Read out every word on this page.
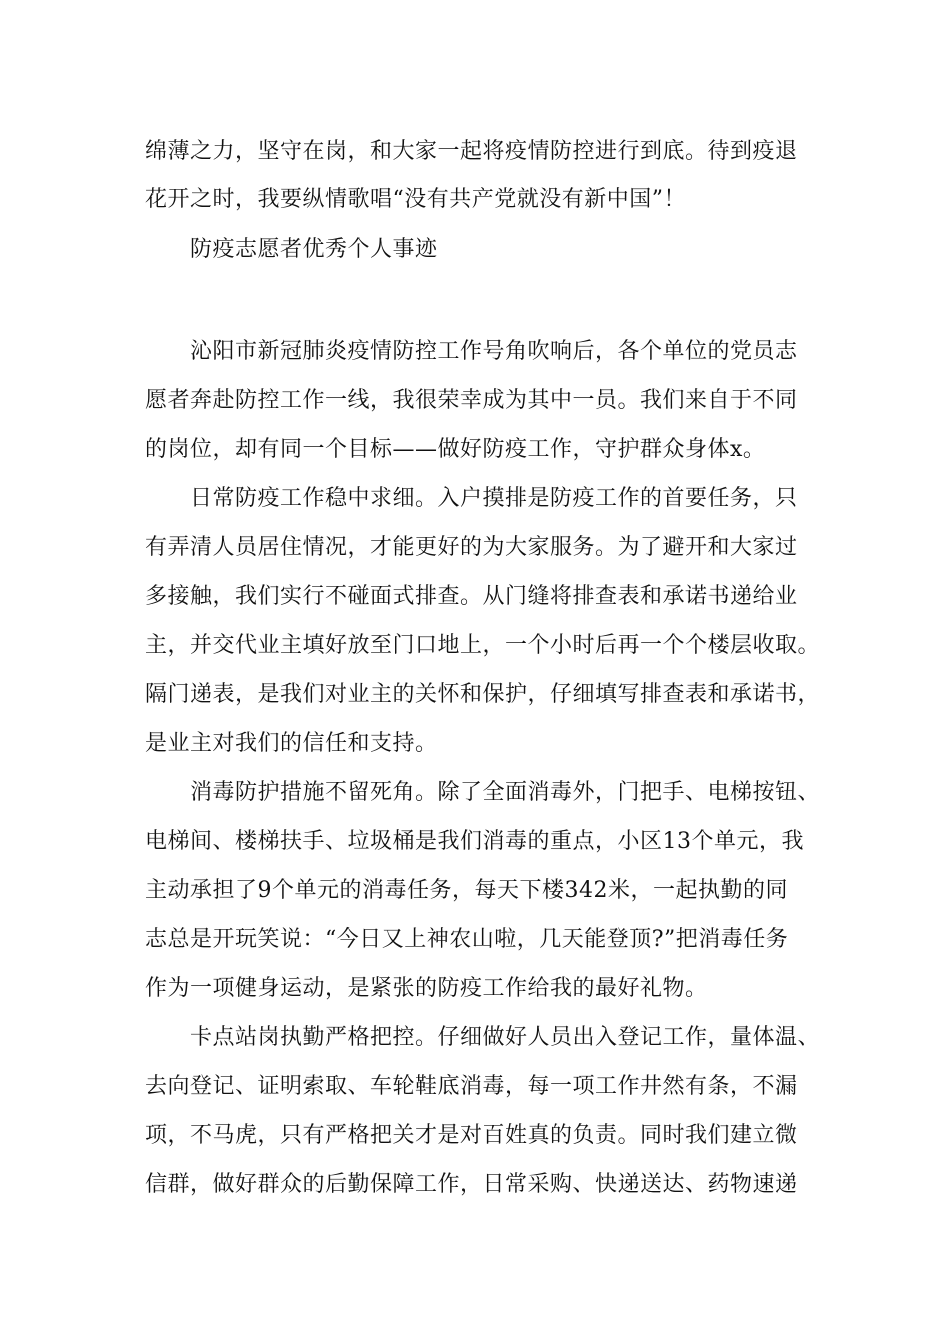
绵薄之力，坚守在岗，和大家一起将疫情防控进行到底。待到疫退
花开之时，我要纵情歌唱“没有共产党就没有新中国”！
防疫志愿者优秀个人事迹
沁阳市新冠肺炎疫情防控工作号角吹响后，各个单位的党员志
愿者奔赴防控工作一线，我很荣幸成为其中一员。我们来自于不同
的岗位，却有同一个目标——做好防疫工作，守护群众身体x。
日常防疫工作稳中求细。入户摸排是防疫工作的首要任务，只
有弄清人员居住情况，才能更好的为大家服务。为了避开和大家过
多接触，我们实行不碰面式排查。从门缝将排查表和承诺书递给业
主，并交代业主填好放至门口地上，一个小时后再一个个楼层收取。
隔门递表，是我们对业主的关怀和保护，仔细填写排查表和承诺书，
是业主对我们的信任和支持。
消毒防护措施不留死角。除了全面消毒外，门把手、电梯按钮、
电梯间、楼梯扶手、垃圾桶是我们消毒的重点，小区13个单元，我
主动承担了9个单元的消毒任务，每天下楼342米，一起执勤的同
志总是开玩笑说：“今日又上神农山啦，几天能登顶?”把消毒任务
作为一项健身运动，是紧张的防疫工作给我的最好礼物。
卡点站岗执勤严格把控。仔细做好人员出入登记工作，量体温、
去向登记、证明索取、车轮鞋底消毒，每一项工作井然有条，不漏
项，不马虎，只有严格把关才是对百姓真的负责。同时我们建立微
信群，做好群众的后勤保障工作，日常采购、快递送达、药物速递
